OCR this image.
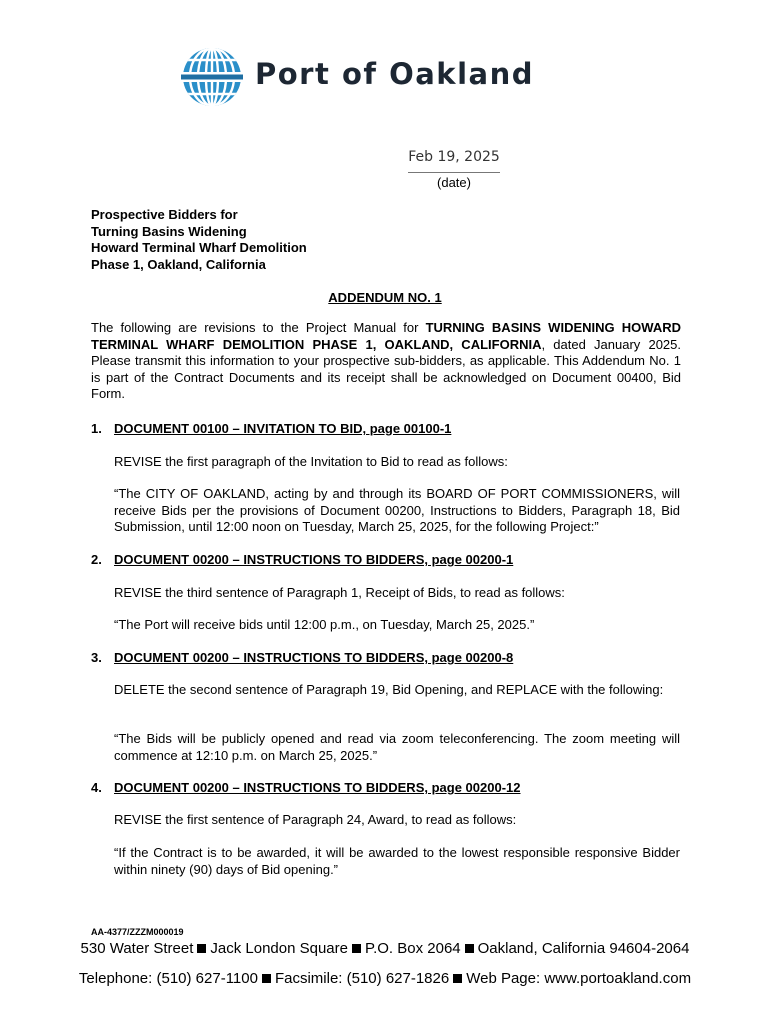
Port of Oakland
Feb 19, 2025
(date)
Prospective Bidders for
Turning Basins Widening
Howard Terminal Wharf Demolition
Phase 1, Oakland, California
ADDENDUM NO. 1
The following are revisions to the Project Manual for TURNING BASINS WIDENING HOWARD TERMINAL WHARF DEMOLITION PHASE 1, OAKLAND, CALIFORNIA, dated January 2025. Please transmit this information to your prospective sub-bidders, as applicable. This Addendum No. 1 is part of the Contract Documents and its receipt shall be acknowledged on Document 00400, Bid Form.
1. DOCUMENT 00100 – INVITATION TO BID, page 00100-1
REVISE the first paragraph of the Invitation to Bid to read as follows:
“The CITY OF OAKLAND, acting by and through its BOARD OF PORT COMMISSIONERS, will receive Bids per the provisions of Document 00200, Instructions to Bidders, Paragraph 18, Bid Submission, until 12:00 noon on Tuesday, March 25, 2025, for the following Project:”
2. DOCUMENT 00200 – INSTRUCTIONS TO BIDDERS, page 00200-1
REVISE the third sentence of Paragraph 1, Receipt of Bids, to read as follows:
“The Port will receive bids until 12:00 p.m., on Tuesday, March 25, 2025.”
3. DOCUMENT 00200 – INSTRUCTIONS TO BIDDERS, page 00200-8
DELETE the second sentence of Paragraph 19, Bid Opening, and REPLACE with the following:
“The Bids will be publicly opened and read via zoom teleconferencing. The zoom meeting will commence at 12:10 p.m. on March 25, 2025.”
4. DOCUMENT 00200 – INSTRUCTIONS TO BIDDERS, page 00200-12
REVISE the first sentence of Paragraph 24, Award, to read as follows:
“If the Contract is to be awarded, it will be awarded to the lowest responsible responsive Bidder within ninety (90) days of Bid opening.”
AA-4377/ZZZM000019
530 Water Street Jack London Square P.O. Box 2064 Oakland, California 94604-2064
Telephone: (510) 627-1100 Facsimile: (510) 627-1826 Web Page: www.portoakland.com
